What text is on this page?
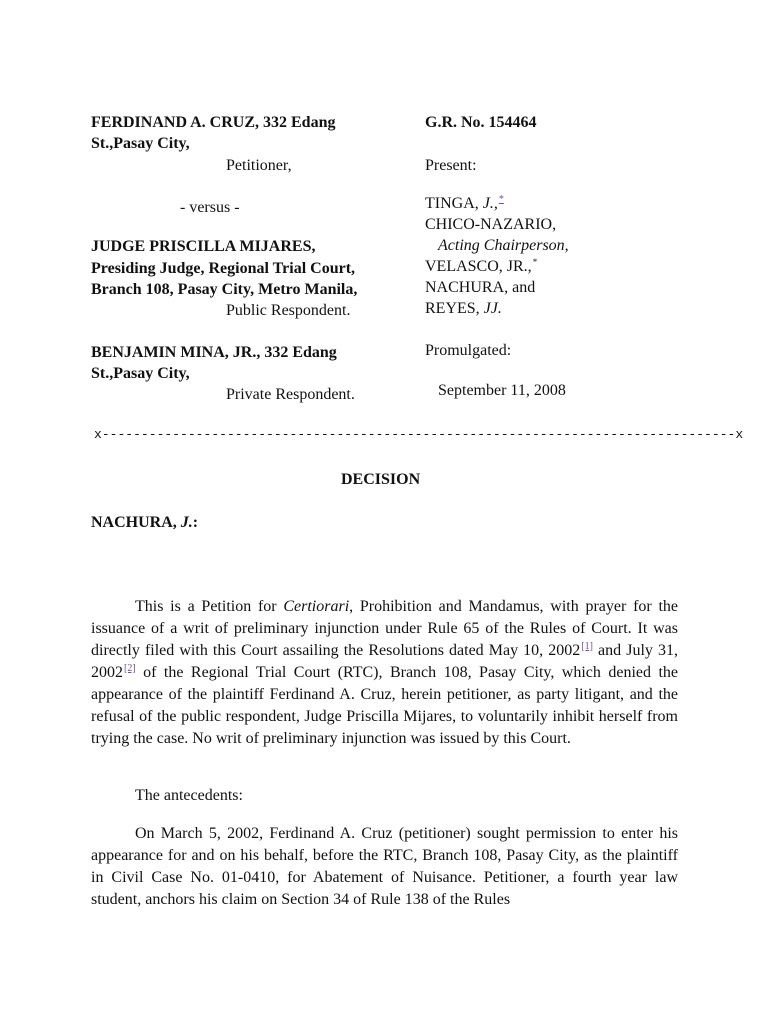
FERDINAND A. CRUZ, 332 Edang
St.,Pasay City,
Petitioner,
- versus -
JUDGE PRISCILLA MIJARES,
Presiding Judge, Regional Trial Court,
Branch 108, Pasay City, Metro Manila,
Public Respondent.
BENJAMIN MINA, JR., 332 Edang
St.,Pasay City,
Private Respondent.
G.R. No. 154464
Present:
TINGA, J.,*
CHICO-NAZARIO,
Acting Chairperson,
VELASCO, JR.,*
NACHURA, and
REYES, JJ.
Promulgated:
September 11, 2008
x---------------------------------------------------------------------------------x
DECISION
NACHURA, J.:
This is a Petition for Certiorari, Prohibition and Mandamus, with prayer for the issuance of a writ of preliminary injunction under Rule 65 of the Rules of Court. It was directly filed with this Court assailing the Resolutions dated May 10, 2002[1] and July 31, 2002[2] of the Regional Trial Court (RTC), Branch 108, Pasay City, which denied the appearance of the plaintiff Ferdinand A. Cruz, herein petitioner, as party litigant, and the refusal of the public respondent, Judge Priscilla Mijares, to voluntarily inhibit herself from trying the case. No writ of preliminary injunction was issued by this Court.
The antecedents:
On March 5, 2002, Ferdinand A. Cruz (petitioner) sought permission to enter his appearance for and on his behalf, before the RTC, Branch 108, Pasay City, as the plaintiff in Civil Case No. 01-0410, for Abatement of Nuisance. Petitioner, a fourth year law student, anchors his claim on Section 34 of Rule 138 of the Rules
